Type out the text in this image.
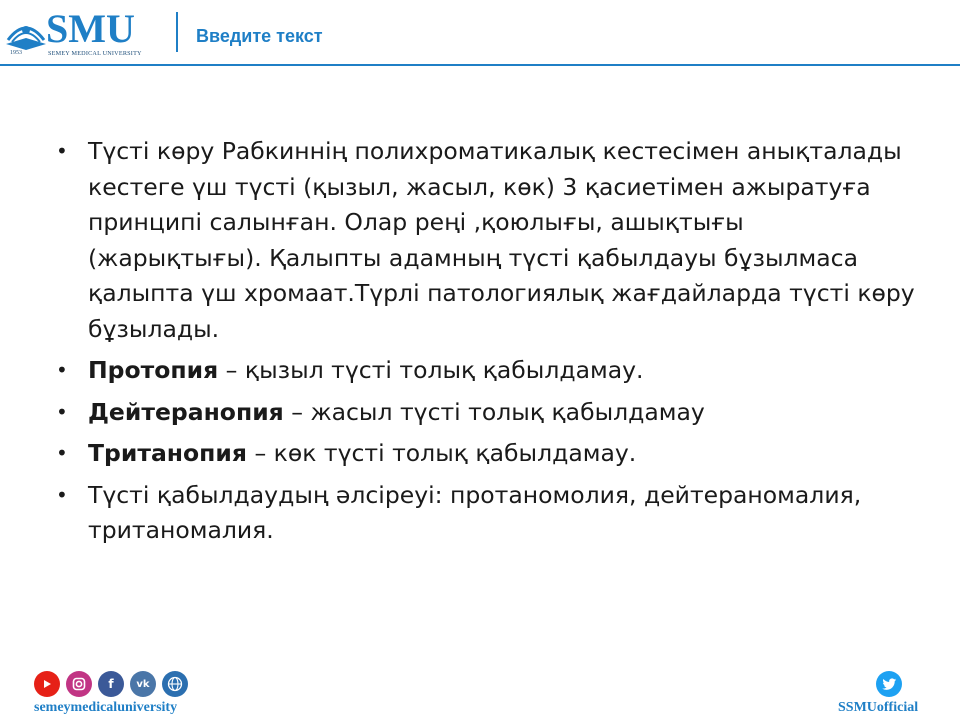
SMU
1953	SEMEY MEDICAL UNIVERSITY
Введите текст
• Түсті көру Рабкиннің полихроматикалық кестесімен анықталады кестеге үш түсті (қызыл, жасыл, көк) 3 қасиетімен ажыратуға принципі салынған. Олар реңі ,қоюлығы, ашықтығы (жарықтығы). Қалыпты адамның түсті қабылдауы бұзылмаса қалыпта үш хромаат.Түрлі патологиялық жағдайларда түсті көру бұзылады.
• Протопия – қызыл түсті толық қабылдамау.
• Дейтеранопия – жасыл түсті толық қабылдамау
• Тританопия – көк түсті толық қабылдамау.
• Түсті қабылдаудың әлсіреуі: протаномолия, дейтераномалия, тританомалия.
f	vk
semeymedicaluniversity	SSMUofficial
